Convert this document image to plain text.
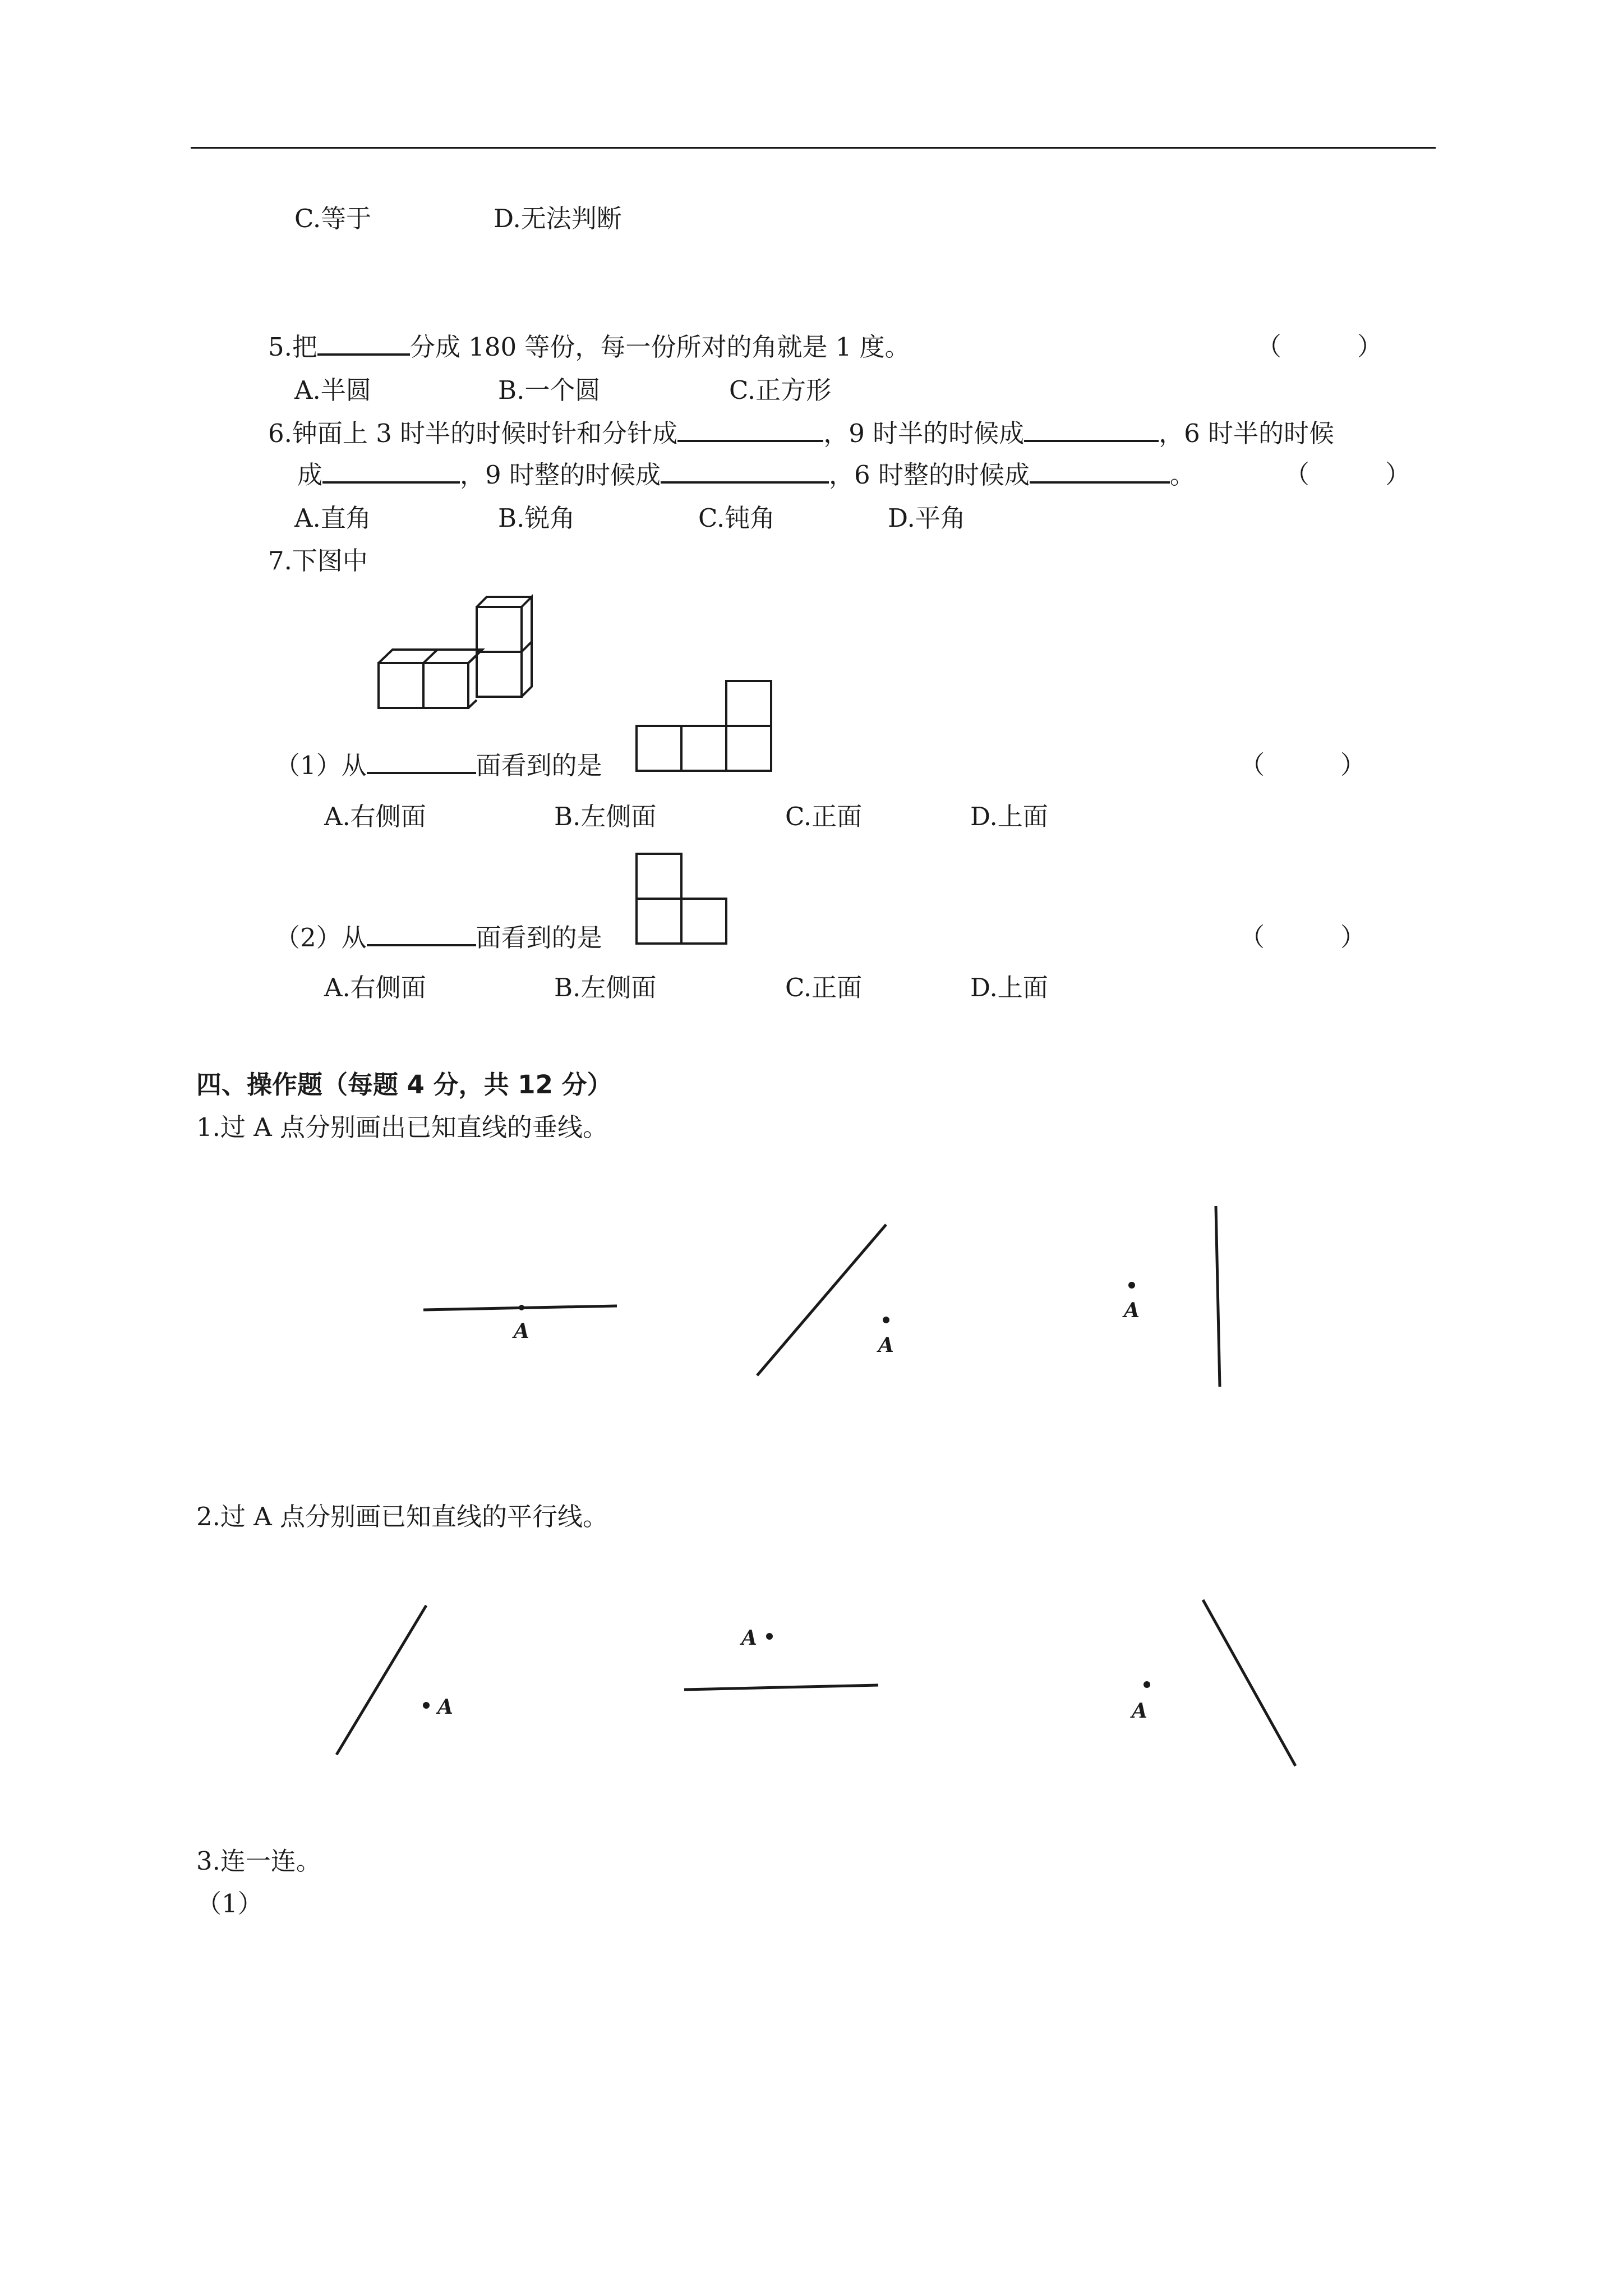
C.等于	D.无法判断
5.把	分成 180 等份，每一份所对的角就是 1 度。	（　　　）
A.半圆	B.一个圆	C.正方形
6.钟面上 3 时半的时候时针和分针成	，9 时半的时候成	，6 时半的时候
成	，9 时整的时候成	，6 时整的时候成	。	（　　　）
A.直角	B.锐角	C.钝角	D.平角
7.下图中
（1）从	面看到的是	（　　　）
A.右侧面	B.左侧面	C.正面	D.上面
（2）从	面看到的是	（　　　）
A.右侧面	B.左侧面	C.正面	D.上面
四、操作题（每题 4 分，共 12 分）
1.过 A 点分别画出已知直线的垂线。
A
A
A
2.过 A 点分别画已知直线的平行线。
A
A
A
3.连一连。
（1）
